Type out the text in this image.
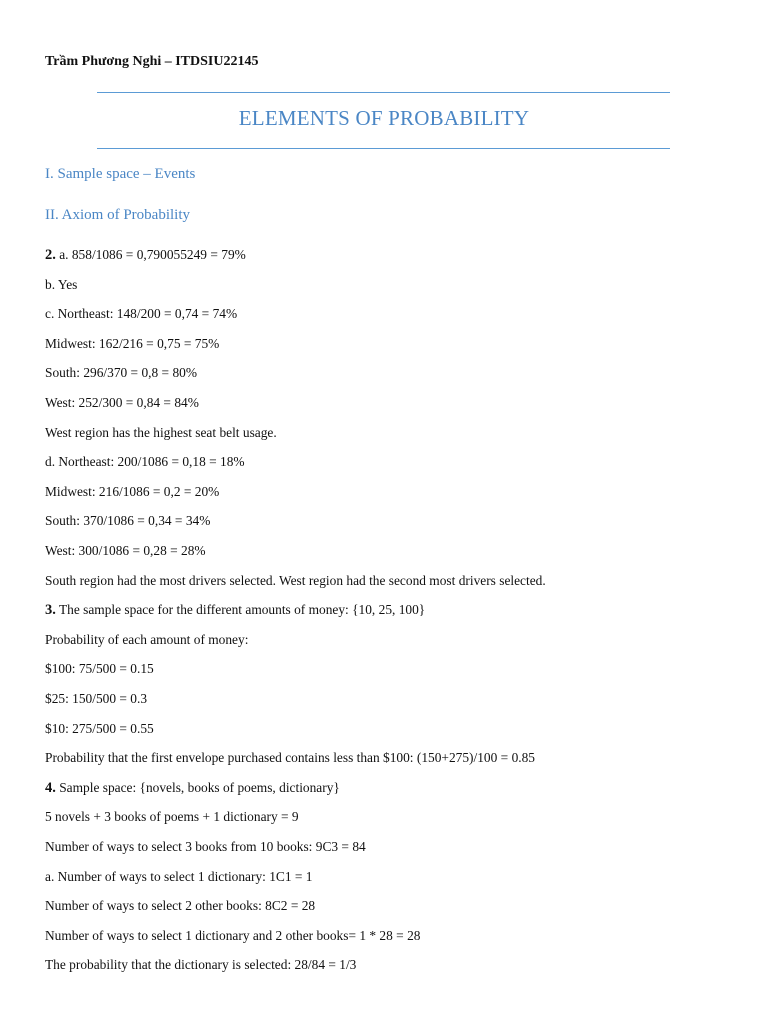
Trầm Phương Nghi – ITDSIU22145
ELEMENTS OF PROBABILITY
I. Sample space – Events
II. Axiom of Probability
2. a. 858/1086 = 0,790055249 = 79%
b. Yes
c. Northeast: 148/200 = 0,74 = 74%
Midwest: 162/216 = 0,75 = 75%
South: 296/370 = 0,8 = 80%
West: 252/300 = 0,84 = 84%
West region has the highest seat belt usage.
d. Northeast: 200/1086 = 0,18 = 18%
Midwest: 216/1086 = 0,2 = 20%
South: 370/1086 = 0,34 = 34%
West: 300/1086 = 0,28 = 28%
South region had the most drivers selected. West region had the second most drivers selected.
3. The sample space for the different amounts of money: {10, 25, 100}
Probability of each amount of money:
$100: 75/500 = 0.15
$25: 150/500 = 0.3
$10: 275/500 = 0.55
Probability that the first envelope purchased contains less than $100: (150+275)/100 = 0.85
4. Sample space: {novels, books of poems, dictionary}
5 novels + 3 books of poems + 1 dictionary = 9
Number of ways to select 3 books from 10 books: 9C3 = 84
a. Number of ways to select 1 dictionary: 1C1 = 1
Number of ways to select 2 other books: 8C2 = 28
Number of ways to select 1 dictionary and 2 other books= 1 * 28 = 28
The probability that the dictionary is selected: 28/84 = 1/3
